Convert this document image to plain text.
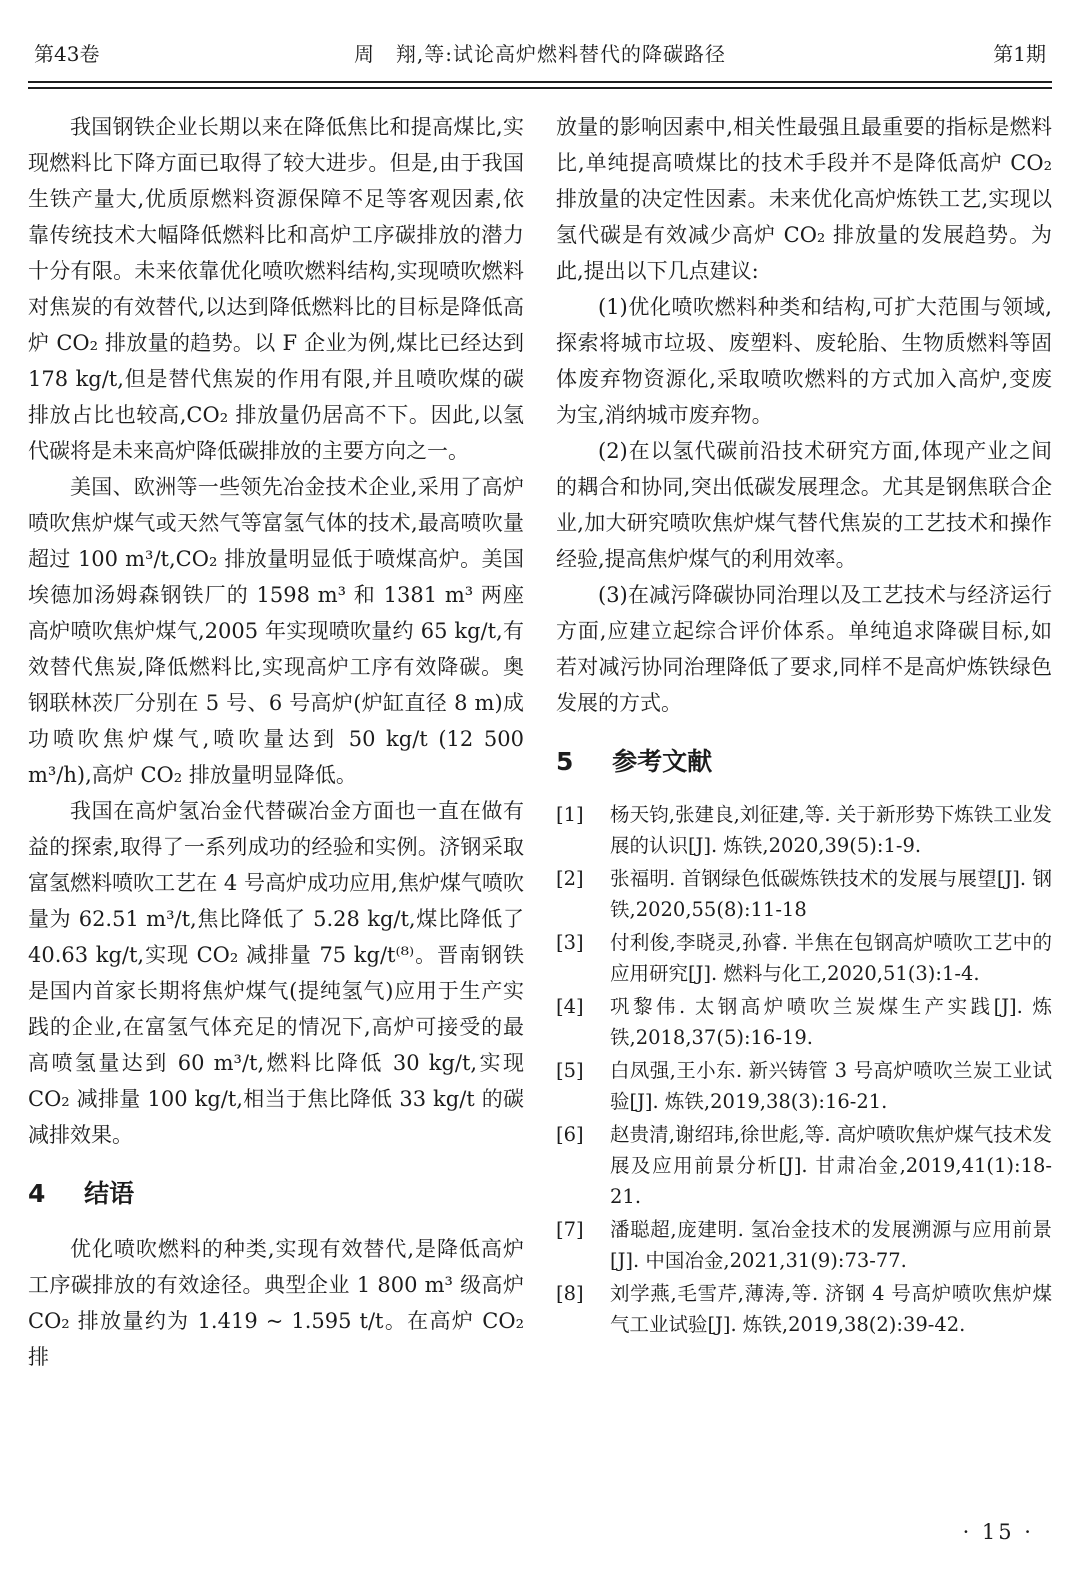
第43卷	周　翔,等:试论高炉燃料替代的降碳路径	第1期

我国钢铁企业长期以来在降低焦比和提高煤比,实现燃料比下降方面已取得了较大进步。但是,由于我国生铁产量大,优质原燃料资源保障不足等客观因素,依靠传统技术大幅降低燃料比和高炉工序碳排放的潜力十分有限。未来依靠优化喷吹燃料结构,实现喷吹燃料对焦炭的有效替代,以达到降低燃料比的目标是降低高炉 CO₂ 排放量的趋势。以 F 企业为例,煤比已经达到 178 kg/t,但是替代焦炭的作用有限,并且喷吹煤的碳排放占比也较高,CO₂ 排放量仍居高不下。因此,以氢代碳将是未来高炉降低碳排放的主要方向之一。

美国、欧洲等一些领先冶金技术企业,采用了高炉喷吹焦炉煤气或天然气等富氢气体的技术,最高喷吹量超过 100 m³/t,CO₂ 排放量明显低于喷煤高炉。美国埃德加汤姆森钢铁厂的 1598 m³ 和 1381 m³ 两座高炉喷吹焦炉煤气,2005 年实现喷吹量约 65 kg/t,有效替代焦炭,降低燃料比,实现高炉工序有效降碳。奥钢联林茨厂分别在 5 号、6 号高炉(炉缸直径 8 m)成功喷吹焦炉煤气,喷吹量达到 50 kg/t (12 500 m³/h),高炉 CO₂ 排放量明显降低。

我国在高炉氢冶金代替碳冶金方面也一直在做有益的探索,取得了一系列成功的经验和实例。济钢采取富氢燃料喷吹工艺在 4 号高炉成功应用,焦炉煤气喷吹量为 62.51 m³/t,焦比降低了 5.28 kg/t,煤比降低了 40.63 kg/t,实现 CO₂ 减排量 75 kg/t⁽⁸⁾。晋南钢铁是国内首家长期将焦炉煤气(提纯氢气)应用于生产实践的企业,在富氢气体充足的情况下,高炉可接受的最高喷氢量达到 60 m³/t,燃料比降低 30 kg/t,实现 CO₂ 减排量 100 kg/t,相当于焦比降低 33 kg/t 的碳减排效果。

4 结语

优化喷吹燃料的种类,实现有效替代,是降低高炉工序碳排放的有效途径。典型企业 1 800 m³ 级高炉 CO₂ 排放量约为 1.419 ~ 1.595 t/t。在高炉 CO₂ 排

放量的影响因素中,相关性最强且最重要的指标是燃料比,单纯提高喷煤比的技术手段并不是降低高炉 CO₂ 排放量的决定性因素。未来优化高炉炼铁工艺,实现以氢代碳是有效减少高炉 CO₂ 排放量的发展趋势。为此,提出以下几点建议:

(1)优化喷吹燃料种类和结构,可扩大范围与领域,探索将城市垃圾、废塑料、废轮胎、生物质燃料等固体废弃物资源化,采取喷吹燃料的方式加入高炉,变废为宝,消纳城市废弃物。

(2)在以氢代碳前沿技术研究方面,体现产业之间的耦合和协同,突出低碳发展理念。尤其是钢焦联合企业,加大研究喷吹焦炉煤气替代焦炭的工艺技术和操作经验,提高焦炉煤气的利用效率。

(3)在减污降碳协同治理以及工艺技术与经济运行方面,应建立起综合评价体系。单纯追求降碳目标,如若对减污协同治理降低了要求,同样不是高炉炼铁绿色发展的方式。

5 参考文献
[1]	杨天钧,张建良,刘征建,等. 关于新形势下炼铁工业发展的认识[J]. 炼铁,2020,39(5):1-9.
[2]	张福明. 首钢绿色低碳炼铁技术的发展与展望[J]. 钢铁,2020,55(8):11-18
[3]	付利俊,李晓灵,孙睿. 半焦在包钢高炉喷吹工艺中的应用研究[J]. 燃料与化工,2020,51(3):1-4.
[4]	巩黎伟. 太钢高炉喷吹兰炭煤生产实践[J]. 炼铁,2018,37(5):16-19.
[5]	白凤强,王小东. 新兴铸管 3 号高炉喷吹兰炭工业试验[J]. 炼铁,2019,38(3):16-21.
[6]	赵贵清,谢绍玮,徐世彪,等. 高炉喷吹焦炉煤气技术发展及应用前景分析[J]. 甘肃冶金,2019,41(1):18-21.
[7]	潘聪超,庞建明. 氢冶金技术的发展溯源与应用前景[J]. 中国冶金,2021,31(9):73-77.
[8]	刘学燕,毛雪芹,薄涛,等. 济钢 4 号高炉喷吹焦炉煤气工业试验[J]. 炼铁,2019,38(2):39-42.
· 15 ·
